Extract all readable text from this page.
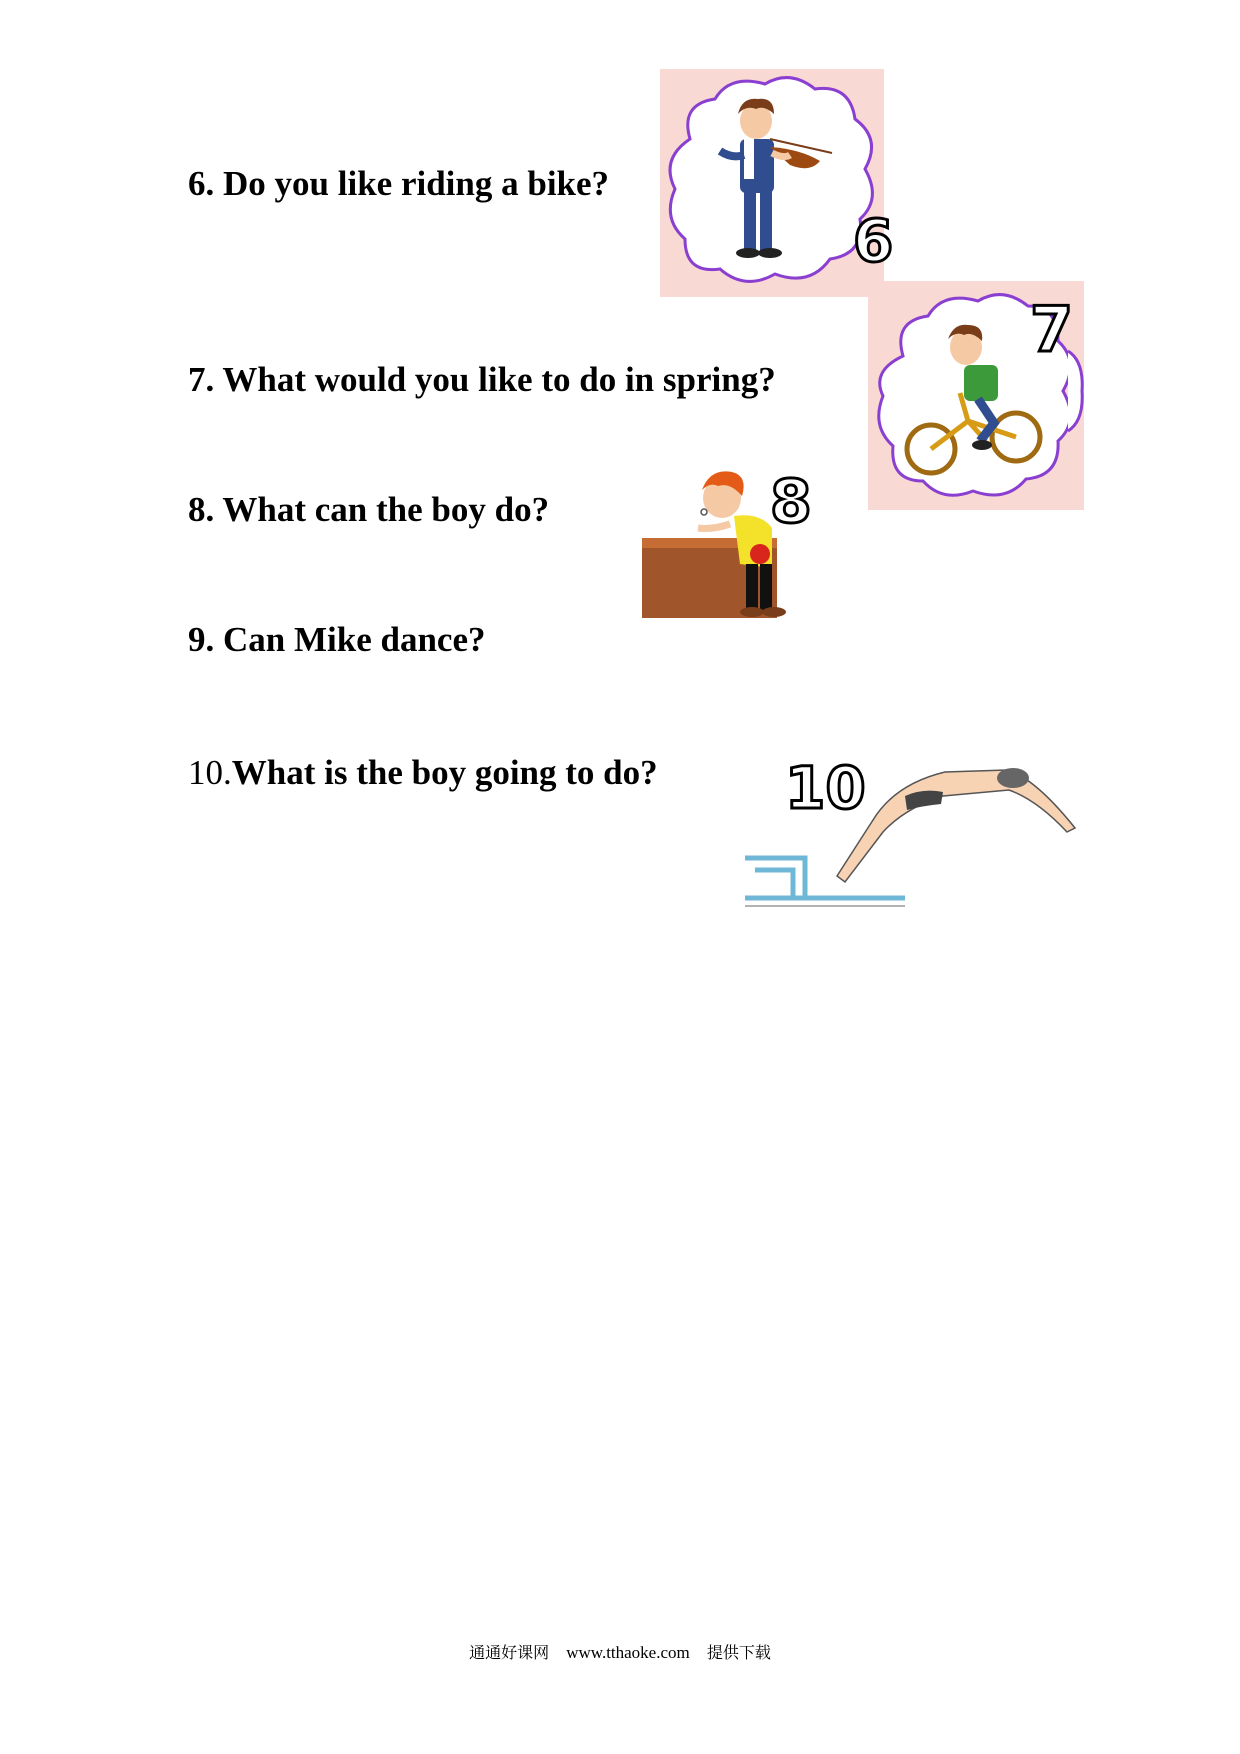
6. Do you like riding a bike?
7. What would you like to do in spring?
8. What can the boy do?
9. Can Mike dance?
10.What is the boy going to do?
6
7
8
10
通通好课网 www.tthaoke.com 提供下载
